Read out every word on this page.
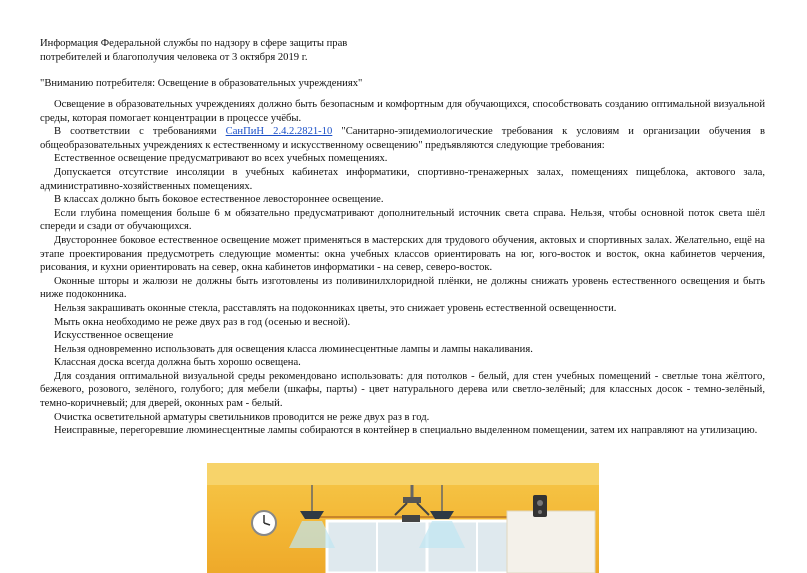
Информация Федеральной службы по надзору в сфере защиты прав
потребителей и благополучия человека от 3 октября 2019 г.
"Вниманию потребителя: Освещение в образовательных учреждениях"

Освещение в образовательных учреждениях должно быть безопасным и комфортным для обучающихся, способствовать созданию оптимальной визуальной среды, которая помогает концентрации в процессе учёбы.

В соответствии с требованиями СанПиН 2.4.2.2821-10 "Санитарно-эпидемиологические требования к условиям и организации обучения в общеобразовательных учреждениях к естественному и искусственному освещению" предъявляются следующие требования:

Естественное освещение предусматривают во всех учебных помещениях.

Допускается отсутствие инсоляции в учебных кабинетах информатики, спортивно-тренажерных залах, помещениях пищеблока, актового зала, административно-хозяйственных помещениях.

В классах должно быть боковое естественное левостороннее освещение.

Если глубина помещения больше 6 м обязательно предусматривают дополнительный источник света справа. Нельзя, чтобы основной поток света шёл спереди и сзади от обучающихся.

Двустороннее боковое естественное освещение может применяться в мастерских для трудового обучения, актовых и спортивных залах. Желательно, ещё на этапе проектирования предусмотреть следующие моменты: окна учебных классов ориентировать на юг, юго-восток и восток, окна кабинетов черчения, рисования, и кухни ориентировать на север, окна кабинетов информатики - на север, северо-восток.

Оконные шторы и жалюзи не должны быть изготовлены из поливинилхлоридной плёнки, не должны снижать уровень естественного освещения и быть ниже подоконника.

Нельзя закрашивать оконные стекла, расставлять на подоконниках цветы, это снижает уровень естественной освещенности.

Мыть окна необходимо не реже двух раз в год (осенью и весной).

Искусственное освещение

Нельзя одновременно использовать для освещения класса люминесцентные лампы и лампы накаливания.

Классная доска всегда должна быть хорошо освещена.

Для создания оптимальной визуальной среды рекомендовано использовать: для потолков - белый, для стен учебных помещений - светлые тона жёлтого, бежевого, розового, зелёного, голубого; для мебели (шкафы, парты) - цвет натурального дерева или светло-зелёный; для классных досок - темно-зелёный, темно-коричневый; для дверей, оконных рам - белый.

Очистка осветительной арматуры светильников проводится не реже двух раз в год.

Неисправные, перегоревшие люминесцентные лампы собираются в контейнер в специально выделенном помещении, затем их направляют на утилизацию.
